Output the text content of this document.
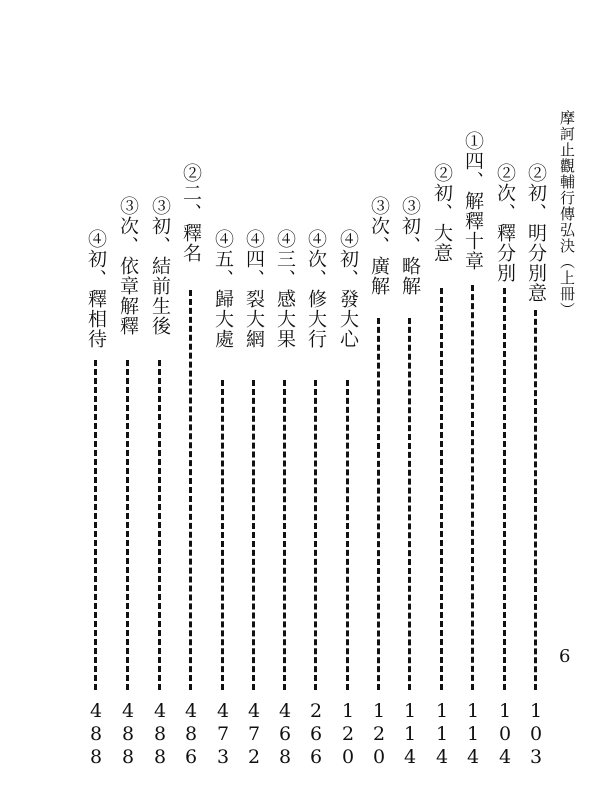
摩訶止觀輔行傳弘決（上冊）
6
②初、明分別意
103
②次、釋分別
104
①四、解釋十章
114
②初、大意
114
③初、略解
114
③次、廣解
120
④初、發大心
120
④次、修大行
266
④三、感大果
468
④四、裂大網
472
④五、歸大處
473
②二、釋名
486
③初、結前生後
488
③次、依章解釋
488
④初、釋相待
488
